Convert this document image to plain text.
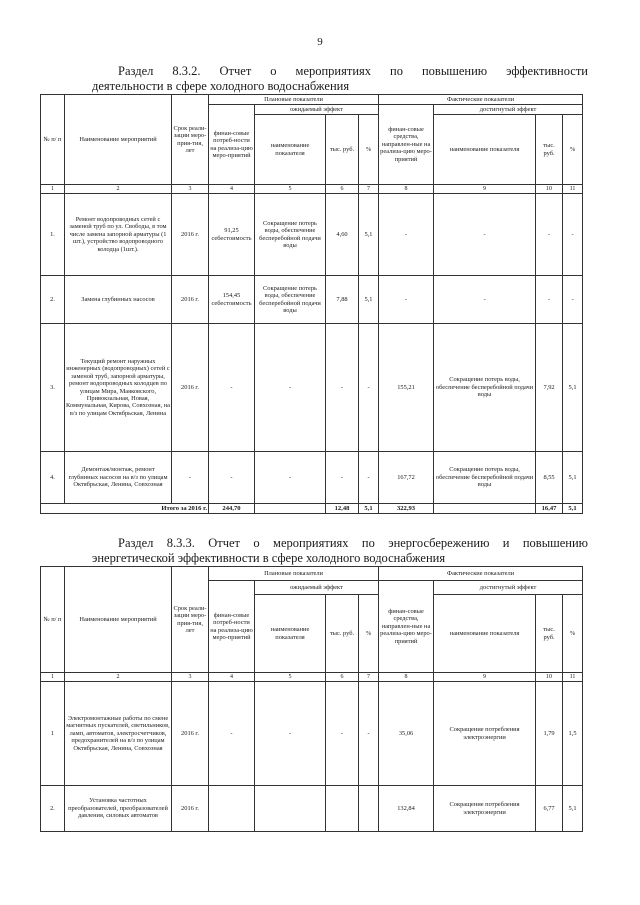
9
Раздел 8.3.2. Отчет о мероприятиях по повышению эффективности
деятельности в сфере холодного водоснабжения
№ п/ п	Наименование мероприятий	Срок реали-зации меро-прия-тия, лет	Плановые показатели				Фактические показатели			
			финан-совые потреб-ности на реализа-цию меро-приятий	ожидаемый эффект			финан-совые средства, направлен-ные на реализа-цию меро-приятий	достигнутый эффект		
				наименование показателя	тыс. руб.	%		наименование показателя	тыс. руб.	%
1	2	3	4	5	6	7	8	9	10	11
1.	Ремонт водопроводных сетей с заменой труб по ул. Свободы, в том числе замена запорной арматуры (1 шт.), устройство водопроводного колодца (1шт.).	2016 г.	91,25 себестоимость	Сокращение потерь воды, обеспечение бесперебойной подачи воды	4,60	5,1	-	-	-	-
2.	Замена глубинных насосов	2016 г.	154,45 себестоимость	Сокращение потерь воды, обеспечение бесперебойной подачи воды	7,88	5,1	-	-	-	-
3.	Текущий ремонт наружных инженерных (водопроводных) сетей с заменой труб, запорной арматуры, ремонт водопроводных колодцев по улицам Мира, Маяковского, Привокзальная, Новая, Коммунальная, Кирова, Совхозная, на в/з по улицам Октябрьская, Ленина	2016 г.	-	-	-	-	155,21	Сокращение потерь воды, обеспечение бесперебойной подачи воды	7,92	5,1
4.	Демонтаж/монтаж, ремонт глубинных насосов на в/з по улицам Октябрьская, Ленина, Совхозная	-	-	-	-	-	167,72	Сокращение потерь воды, обеспечение бесперебойной подачи воды	8,55	5,1
Итого за 2016 г.			244,70		12,48	5,1	322,93		16,47	5,1
Раздел 8.3.3. Отчет о мероприятиях по энергосбережению и повышению
энергетической эффективности в сфере холодного водоснабжения
№ п/ п	Наименование мероприятий	Срок реали-зации меро-прия-тия, лет	Плановые показатели				Фактические показатели			
			финан-совые потреб-ности на реализа-цию меро-приятий	ожидаемый эффект			финан-совые средства, направлен-ные на реализа-цию меро-приятий	достигнутый эффект		
				наименование показателя	тыс. руб.	%		наименование показателя	тыс. руб.	%
1	2	3	4	5	6	7	8	9	10	11
1	Электромонтажные работы по смене магнитных пускателей, светильников, ламп, автоматов, электросчетчиков, предохранителей на в/з по улицам Октябрьская, Ленина, Совхозная	2016 г.	-	-	-	-	35,06	Сокращение потребления электроэнергии	1,79	1,5
2.	Установка частотных преобразователей, преобразователей давления, силовых автоматов	2016 г.					132,84	Сокращение потребления электроэнергии	6,77	5,1
